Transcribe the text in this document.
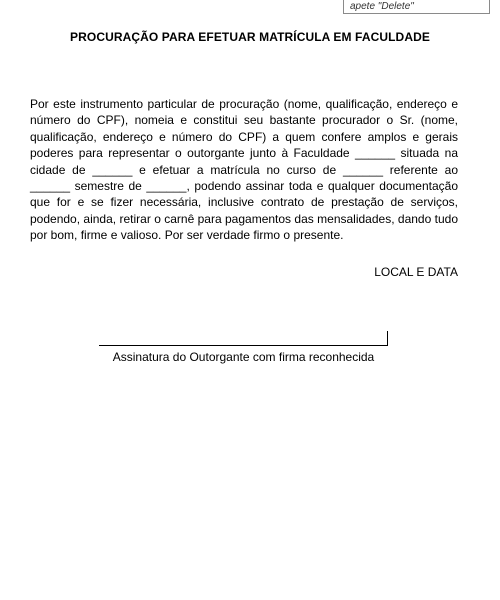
apete "Delete"
PROCURAÇÃO PARA EFETUAR MATRÍCULA EM FACULDADE
Por este instrumento particular de procuração (nome, qualificação, endereço e número do CPF), nomeia e constitui seu bastante procurador o Sr. (nome, qualificação, endereço e número do CPF) a quem confere amplos e gerais poderes para representar o outorgante junto à Faculdade ______ situada na cidade de ______ e efetuar a matrícula no curso de ______ referente ao ______ semestre de ______, podendo assinar toda e qualquer documentação que for e se fizer necessária, inclusive contrato de prestação de serviços, podendo, ainda, retirar o carnê para pagamentos das mensalidades, dando tudo por bom, firme e valioso. Por ser verdade firmo o presente.
LOCAL E DATA
Assinatura do Outorgante com firma reconhecida
